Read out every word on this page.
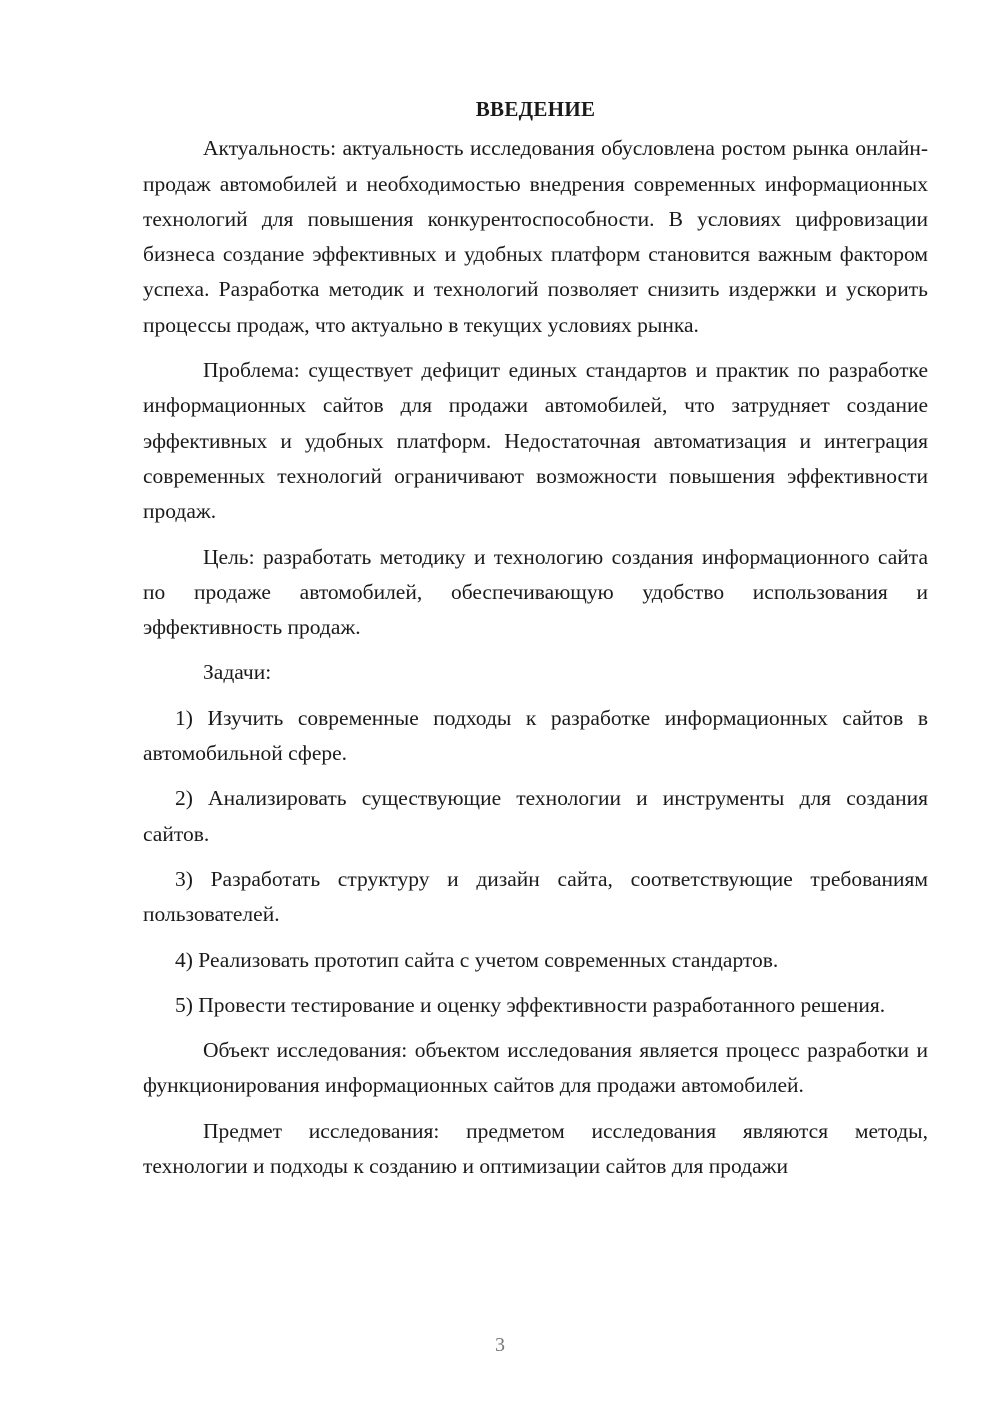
ВВЕДЕНИЕ

Актуальность: актуальность исследования обусловлена ростом рынка онлайн-продаж автомобилей и необходимостью внедрения современных информационных технологий для повышения конкурентоспособности. В условиях цифровизации бизнеса создание эффективных и удобных платформ становится важным фактором успеха. Разработка методик и технологий позволяет снизить издержки и ускорить процессы продаж, что актуально в текущих условиях рынка.

Проблема: существует дефицит единых стандартов и практик по разработке информационных сайтов для продажи автомобилей, что затрудняет создание эффективных и удобных платформ. Недостаточная автоматизация и интеграция современных технологий ограничивают возможности повышения эффективности продаж.

Цель: разработать методику и технологию создания информационного сайта по продаже автомобилей, обеспечивающую удобство использования и эффективность продаж.

Задачи:

1) Изучить современные подходы к разработке информационных сайтов в автомобильной сфере.

2) Анализировать существующие технологии и инструменты для создания сайтов.

3) Разработать структуру и дизайн сайта, соответствующие требованиям пользователей.

4) Реализовать прототип сайта с учетом современных стандартов.

5) Провести тестирование и оценку эффективности разработанного решения.

Объект исследования: объектом исследования является процесс разработки и функционирования информационных сайтов для продажи автомобилей.

Предмет исследования: предметом исследования являются методы, технологии и подходы к созданию и оптимизации сайтов для продажи

3
